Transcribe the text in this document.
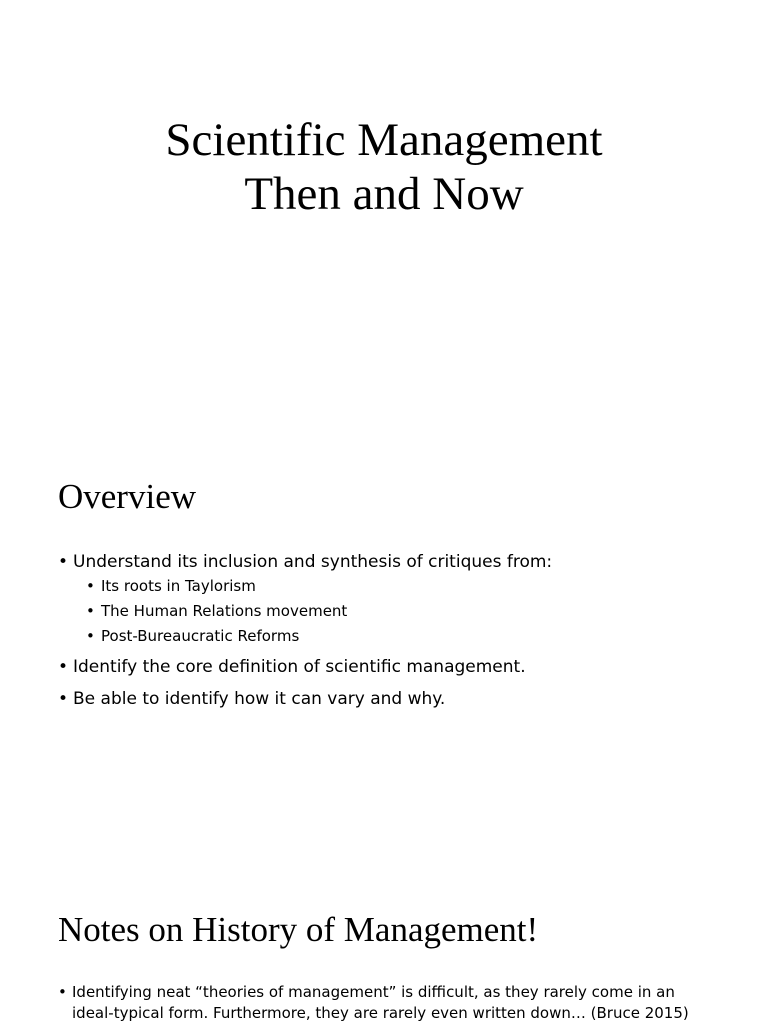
Scientific Management
Then and Now
Overview
• Understand its inclusion and synthesis of critiques from:
• Its roots in Taylorism
• The Human Relations movement
• Post-Bureaucratic Reforms
• Identify the core definition of scientific management.
• Be able to identify how it can vary and why.
Notes on History of Management!
• Identifying neat “theories of management” is difficult, as they rarely come in an ideal-typical form. Furthermore, they are rarely even written down… (Bruce 2015)
